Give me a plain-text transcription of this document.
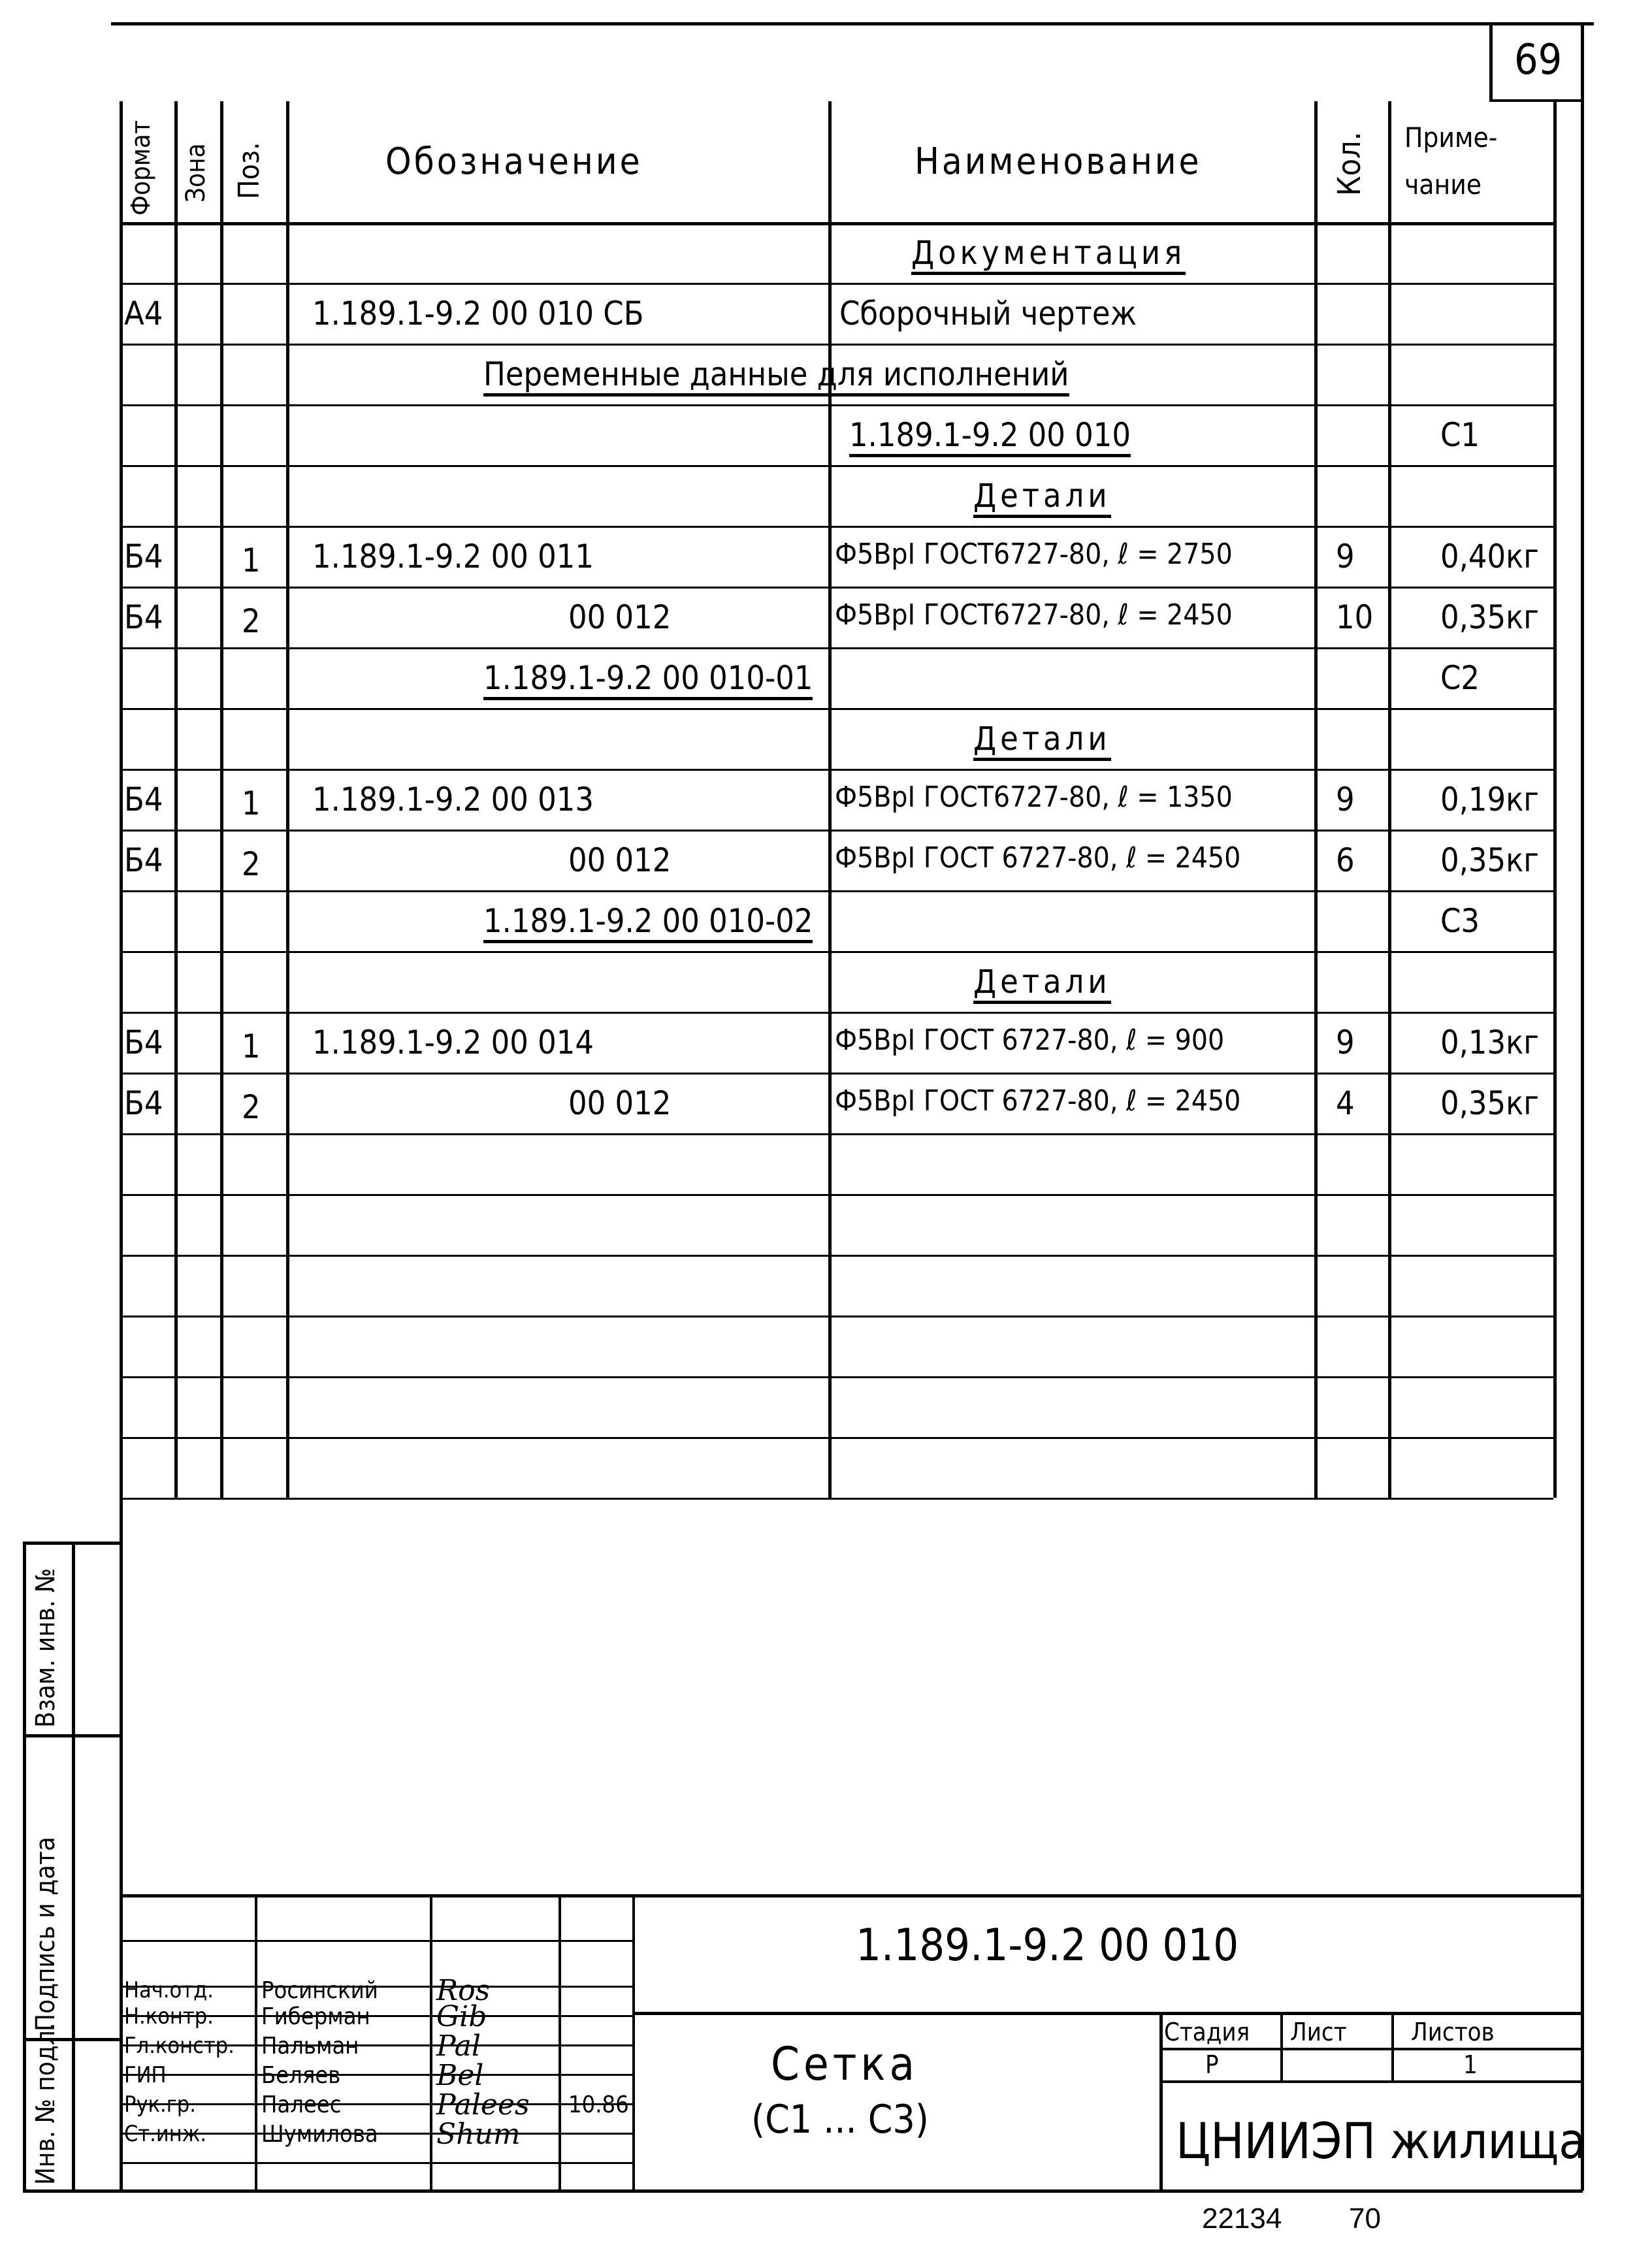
69
Формат Зона Поз.	Обозначение	Наименование	Кол. Приме-
чание
Документация
А4	1.189.1-9.2 00 010 СБ	Сборочный чертеж
Переменные данные для исполнений
1.189.1-9.2 00 010	С1
Детали
Б4 1 1.189.1-9.2 00 011	Ф5ВрI ГОСТ6727-80, ℓ = 2750	9	0,40кг
Б4 2	00 012	Ф5ВрI ГОСТ6727-80, ℓ = 2450	10 0,35кг
1.189.1-9.2 00 010-01	С2
Детали
Б4 1 1.189.1-9.2 00 013	Ф5ВрI ГОСТ6727-80, ℓ = 1350	9	0,19кг
Б4 2	00 012	Ф5ВрI ГОСТ 6727-80, ℓ = 2450	6	0,35кг
1.189.1-9.2 00 010-02	С3
Детали
Б4 1 1.189.1-9.2 00 014	Ф5ВрI ГОСТ 6727-80, ℓ = 900	9	0,13кг
Б4 2	00 012	Ф5ВрI ГОСТ 6727-80, ℓ = 2450	4	0,35кг
Инв. № подл.
Подпись и дата
Взам. инв. №
1.189.1-9.2 00 010
Сетка
(С1 ... С3)
Стадия Лист	Листов
Р	1
ЦНИИЭП жилища
Нач.отд. Росинский Ros
Н.контр. Гиберман Gib
Гл.констр. Пальман	Pal
ГИП	Беляев	Bel
Рук.гр.	Палеес	Palees
Ст.инж. Шумилова Shum
10.86
22134 70
